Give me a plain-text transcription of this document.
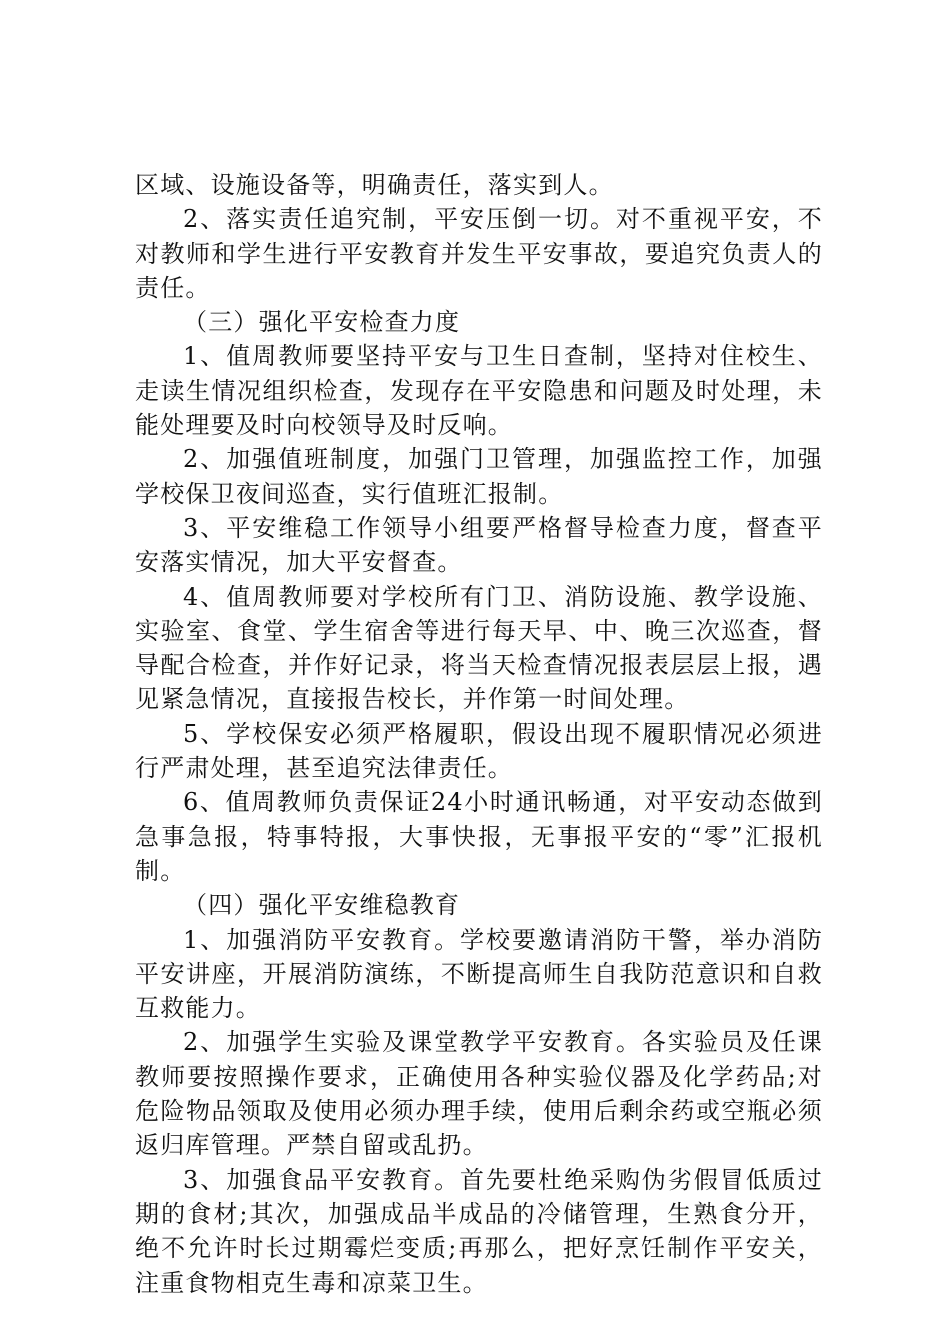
区域、设施设备等，明确责任，落实到人。

2、落实责任追究制，平安压倒一切。对不重视平安，不对教师和学生进行平安教育并发生平安事故，要追究负责人的责任。

（三）强化平安检查力度

1、值周教师要坚持平安与卫生日查制，坚持对住校生、走读生情况组织检查，发现存在平安隐患和问题及时处理，未能处理要及时向校领导及时反响。

2、加强值班制度，加强门卫管理，加强监控工作，加强学校保卫夜间巡查，实行值班汇报制。

3、平安维稳工作领导小组要严格督导检查力度，督查平安落实情况，加大平安督查。

4、值周教师要对学校所有门卫、消防设施、教学设施、实验室、食堂、学生宿舍等进行每天早、中、晚三次巡查，督导配合检查，并作好记录，将当天检查情况报表层层上报，遇见紧急情况，直接报告校长，并作第一时间处理。

5、学校保安必须严格履职，假设出现不履职情况必须进行严肃处理，甚至追究法律责任。

6、值周教师负责保证24小时通讯畅通，对平安动态做到急事急报，特事特报，大事快报，无事报平安的“零”汇报机制。

（四）强化平安维稳教育

1、加强消防平安教育。学校要邀请消防干警，举办消防平安讲座，开展消防演练，不断提高师生自我防范意识和自救互救能力。

2、加强学生实验及课堂教学平安教育。各实验员及任课教师要按照操作要求，正确使用各种实验仪器及化学药品;对危险物品领取及使用必须办理手续，使用后剩余药或空瓶必须返归库管理。严禁自留或乱扔。

3、加强食品平安教育。首先要杜绝采购伪劣假冒低质过期的食材;其次，加强成品半成品的冷储管理，生熟食分开，绝不允许时长过期霉烂变质;再那么，把好烹饪制作平安关，注重食物相克生毒和凉菜卫生。
